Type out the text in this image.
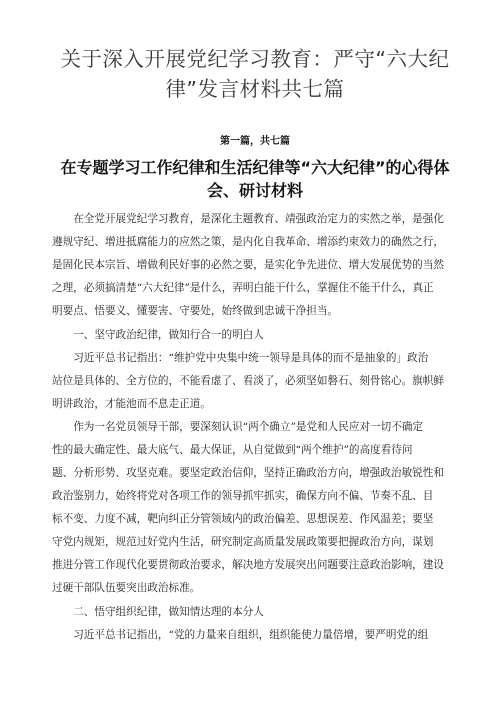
关于深入开展党纪学习教育：严守“六大纪
律”发言材料共七篇
第一篇，共七篇
在专题学习工作纪律和生活纪律等“六大纪律”的心得体
会、研讨材料

在全党开展党纪学习教育，是深化主题教育、靖强政治定力的实然之举，是强化
遵规守纪、增进抵腐能力的应然之策，是内化自我革命、增添约束效力的确然之行，
是固化民本宗旨、增做利民好事的必然之要，是实化争先进位、增大发展优势的当然
之理，必须搞清楚“六大纪律”是什么，弄明白能干什么，掌握住不能干什么，真正
明要点、悟要义、懂要害、守要处，始终做到忠诚干净担当。

一、坚守政治纪律，做知行合一的明白人

习近平总书记指出：“维护党中央集中统一领导是具体的而不是抽象的」政治
站位是具体的、全方位的，不能看虚了、看淡了，必须坚如磐石、刻骨铭心。旗帜鲜
明讲政治，才能池而不息走正道。

作为一名党员领导干部，要深刻认识“两个确立”是党和人民应对一切不确定
性的最大确定性、最大底气、最大保证，从自觉做到“两个维护”的高度看待问
题、分析形势、攻坚克难。要坚定政治信仰，坚持正确政治方向，增强政治敏锐性和
政治鉴别力，始终将党对各项工作的领导抓牢抓实，确保方向不偏、节奏不乱、目
标不变、力度不减，靶向纠正分管领域内的政治偏差、思想误差、作风温差；要坚
守党内规矩，规范过好党内生活，研究制定高质量发展政策要把握政治方向，谋划
推进分管工作现代化要贯彻政治要求，解决地方发展突出问题要注意政治影响，建设
过硬干部队伍要突出政治标准。

二、悟守组织纪律，做知情达理的本分人

习近平总书记指出，“党的力量来自组织，组织能使力量倍增，要严明党的组
